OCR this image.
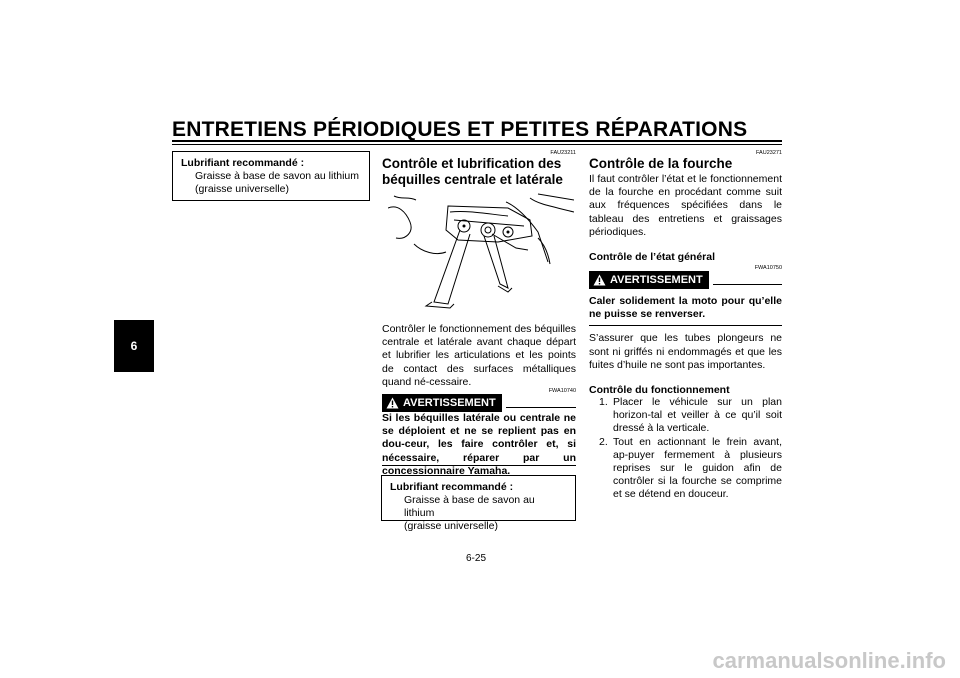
ENTRETIENS PÉRIODIQUES ET PETITES RÉPARATIONS
6
Lubrifiant recommandé :
Graisse à base de savon au lithium
(graisse universelle)
FAU23211
Contrôle et lubrification des
béquilles centrale et latérale
Contrôler le fonctionnement des béquilles centrale et latérale avant chaque départ et lubrifier les articulations et les points de contact des surfaces métalliques quand né-cessaire.
FWA10740
AVERTISSEMENT
Si les béquilles latérale ou centrale ne se déploient et ne se replient pas en dou-ceur, les faire contrôler et, si nécessaire, réparer par un concessionnaire Yamaha.
Lubrifiant recommandé :
Graisse à base de savon au lithium
(graisse universelle)
FAU23271
Contrôle de la fourche
Il faut contrôler l’état et le fonctionnement de la fourche en procédant comme suit aux fréquences spécifiées dans le tableau des entretiens et graissages périodiques.
Contrôle de l’état général
FWA10750
AVERTISSEMENT
Caler solidement la moto pour qu’elle ne puisse se renverser.
S’assurer que les tubes plongeurs ne sont ni griffés ni endommagés et que les fuites d’huile ne sont pas importantes.
Contrôle du fonctionnement
1. Placer le véhicule sur un plan horizon-tal et veiller à ce qu’il soit dressé à la verticale.
2. Tout en actionnant le frein avant, ap-puyer fermement à plusieurs reprises sur le guidon afin de contrôler si la fourche se comprime et se détend en douceur.
6-25
carmanualsonline.info
